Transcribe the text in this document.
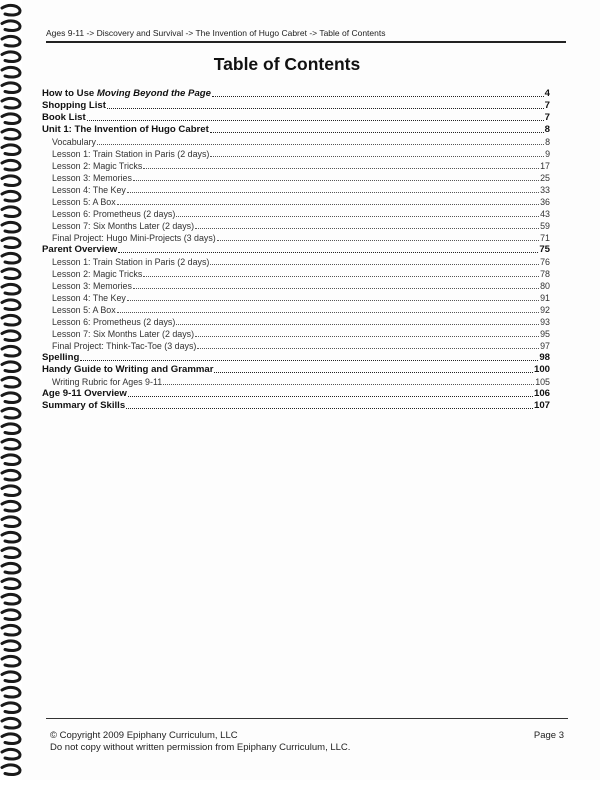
Ages 9-11 -> Discovery and Survival -> The Invention of Hugo Cabret -> Table of Contents
Table of Contents
How to Use Moving Beyond the Page	4
Shopping List	7
Book List	7
Unit 1: The Invention of Hugo Cabret	8
Vocabulary	8
Lesson 1: Train Station in Paris (2 days)	9
Lesson 2: Magic Tricks	17
Lesson 3: Memories	25
Lesson 4: The Key	33
Lesson 5: A Box	36
Lesson 6: Prometheus (2 days)	43
Lesson 7: Six Months Later (2 days)	59
Final Project: Hugo Mini-Projects (3 days)	71
Parent Overview	75
Lesson 1: Train Station in Paris (2 days)	76
Lesson 2: Magic Tricks	78
Lesson 3: Memories	80
Lesson 4: The Key	91
Lesson 5: A Box	92
Lesson 6: Prometheus (2 days)	93
Lesson 7: Six Months Later (2 days)	95
Final Project: Think-Tac-Toe (3 days)	97
Spelling	98
Handy Guide to Writing and Grammar	100
Writing Rubric for Ages 9-11	105
Age 9-11 Overview	106
Summary of Skills	107
© Copyright 2009 Epiphany Curriculum, LLC
Do not copy without written permission from Epiphany Curriculum, LLC.
Page 3
